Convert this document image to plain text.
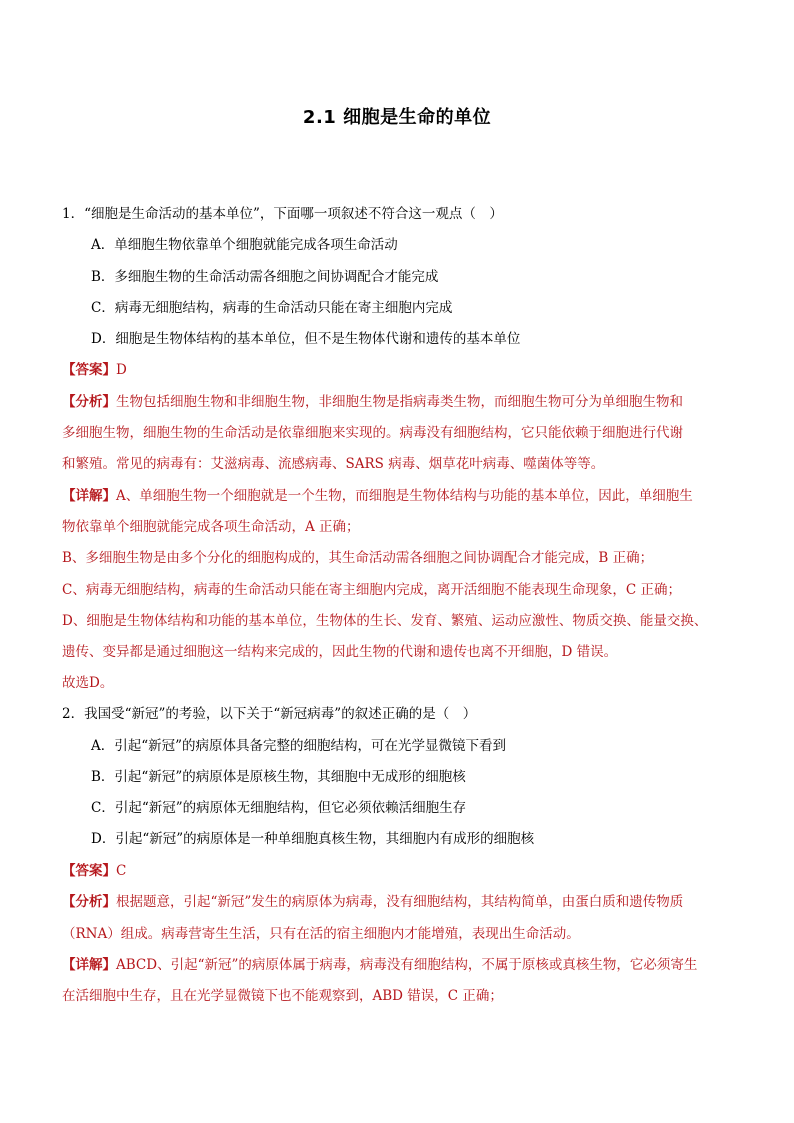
2.1 细胞是生命的单位
1．“细胞是生命活动的基本单位”，下面哪一项叙述不符合这一观点（　）
A．单细胞生物依靠单个细胞就能完成各项生命活动
B．多细胞生物的生命活动需各细胞之间协调配合才能完成
C．病毒无细胞结构，病毒的生命活动只能在寄主细胞内完成
D．细胞是生物体结构的基本单位，但不是生物体代谢和遗传的基本单位
【答案】D
【分析】生物包括细胞生物和非细胞生物，非细胞生物是指病毒类生物，而细胞生物可分为单细胞生物和
多细胞生物，细胞生物的生命活动是依靠细胞来实现的。病毒没有细胞结构，它只能依赖于细胞进行代谢
和繁殖。常见的病毒有：艾滋病毒、流感病毒、SARS 病毒、烟草花叶病毒、噬菌体等等。
【详解】A、单细胞生物一个细胞就是一个生物，而细胞是生物体结构与功能的基本单位，因此，单细胞生
物依靠单个细胞就能完成各项生命活动，A 正确；
B、多细胞生物是由多个分化的细胞构成的，其生命活动需各细胞之间协调配合才能完成，B 正确；
C、病毒无细胞结构，病毒的生命活动只能在寄主细胞内完成，离开活细胞不能表现生命现象，C 正确；
D、细胞是生物体结构和功能的基本单位，生物体的生长、发育、繁殖、运动应激性、物质交换、能量交换、
遗传、变异都是通过细胞这一结构来完成的，因此生物的代谢和遗传也离不开细胞，D 错误。
故选D。
2．我国受“新冠”的考验，以下关于“新冠病毒”的叙述正确的是（　）
A．引起“新冠”的病原体具备完整的细胞结构，可在光学显微镜下看到
B．引起“新冠”的病原体是原核生物，其细胞中无成形的细胞核
C．引起“新冠”的病原体无细胞结构，但它必须依赖活细胞生存
D．引起“新冠”的病原体是一种单细胞真核生物，其细胞内有成形的细胞核
【答案】C
【分析】根据题意，引起“新冠”发生的病原体为病毒，没有细胞结构，其结构简单，由蛋白质和遗传物质
（RNA）组成。病毒营寄生生活，只有在活的宿主细胞内才能增殖，表现出生命活动。
【详解】ABCD、引起“新冠”的病原体属于病毒，病毒没有细胞结构，不属于原核或真核生物，它必须寄生
在活细胞中生存，且在光学显微镜下也不能观察到，ABD 错误，C 正确；
